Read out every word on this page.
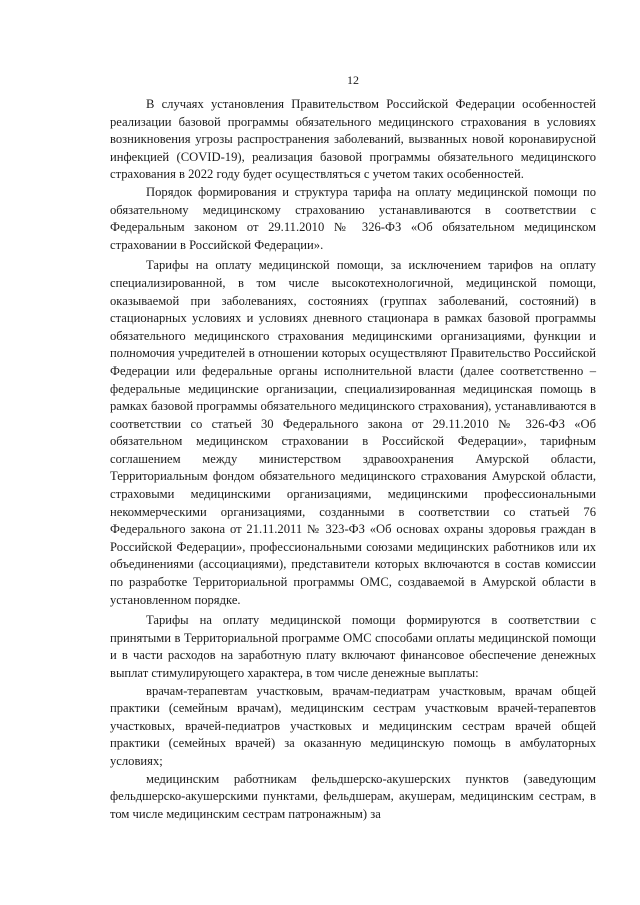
12

В случаях установления Правительством Российской Федерации особенностей реализации базовой программы обязательного медицинского страхования в условиях возникновения угрозы распространения заболеваний, вызванных новой коронавирусной инфекцией (COVID-19), реализация базовой программы обязательного медицинского страхования в 2022 году будет осуществляться с учетом таких особенностей.

Порядок формирования и структура тарифа на оплату медицинской помощи по обязательному медицинскому страхованию устанавливаются в соответствии с Федеральным законом от 29.11.2010 № 326-ФЗ «Об обязательном медицинском страховании в Российской Федерации».

Тарифы на оплату медицинской помощи, за исключением тарифов на оплату специализированной, в том числе высокотехнологичной, медицинской помощи, оказываемой при заболеваниях, состояниях (группах заболеваний, состояний) в стационарных условиях и условиях дневного стационара в рамках базовой программы обязательного медицинского страхования медицинскими организациями, функции и полномочия учредителей в отношении которых осуществляют Правительство Российской Федерации или федеральные органы исполнительной власти (далее соответственно – федеральные медицинские организации, специализированная медицинская помощь в рамках базовой программы обязательного медицинского страхования), устанавливаются в соответствии со статьей 30 Федерального закона от 29.11.2010 № 326-ФЗ «Об обязательном медицинском страховании в Российской Федерации», тарифным соглашением между министерством здравоохранения Амурской области, Территориальным фондом обязательного медицинского страхования Амурской области, страховыми медицинскими организациями, медицинскими профессиональными некоммерческими организациями, созданными в соответствии со статьей 76 Федерального закона от 21.11.2011 № 323-ФЗ «Об основах охраны здоровья граждан в Российской Федерации», профессиональными союзами медицинских работников или их объединениями (ассоциациями), представители которых включаются в состав комиссии по разработке Территориальной программы ОМС, создаваемой в Амурской области в установленном порядке.

Тарифы на оплату медицинской помощи формируются в соответствии с принятыми в Территориальной программе ОМС способами оплаты медицинской помощи и в части расходов на заработную плату включают финансовое обеспечение денежных выплат стимулирующего характера, в том числе денежные выплаты:

врачам-терапевтам участковым, врачам-педиатрам участковым, врачам общей практики (семейным врачам), медицинским сестрам участковым врачей-терапевтов участковых, врачей-педиатров участковых и медицинским сестрам врачей общей практики (семейных врачей) за оказанную медицинскую помощь в амбулаторных условиях;

медицинским работникам фельдшерско-акушерских пунктов (заведующим фельдшерско-акушерскими пунктами, фельдшерам, акушерам, медицинским сестрам, в том числе медицинским сестрам патронажным) за
